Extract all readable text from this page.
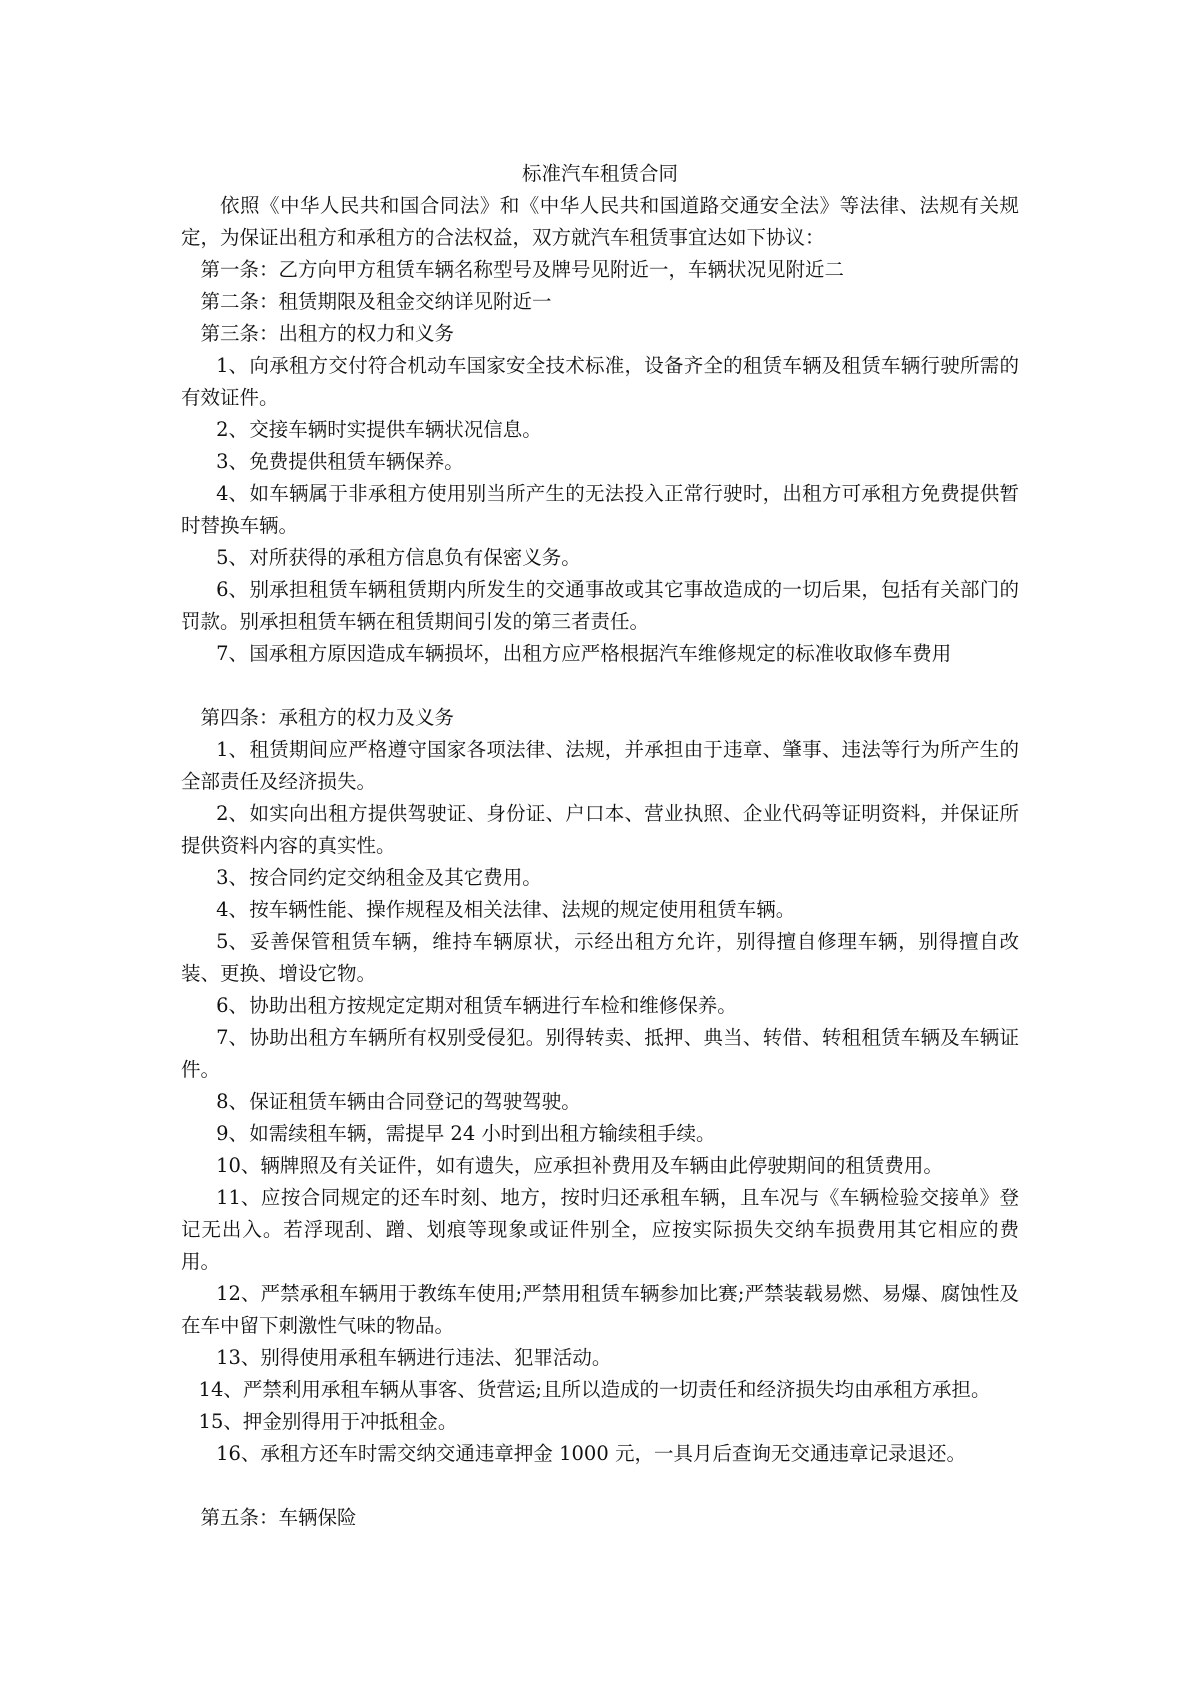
标准汽车租赁合同

依照《中华人民共和国合同法》和《中华人民共和国道路交通安全法》等法律、法规有关规定，为保证出租方和承租方的合法权益，双方就汽车租赁事宜达如下协议：

第一条：乙方向甲方租赁车辆名称型号及牌号见附近一，车辆状况见附近二

第二条：租赁期限及租金交纳详见附近一

第三条：出租方的权力和义务

1、向承租方交付符合机动车国家安全技术标准，设备齐全的租赁车辆及租赁车辆行驶所需的有效证件。

2、交接车辆时实提供车辆状况信息。

3、免费提供租赁车辆保养。

4、如车辆属于非承租方使用别当所产生的无法投入正常行驶时，出租方可承租方免费提供暂时替换车辆。

5、对所获得的承租方信息负有保密义务。

6、别承担租赁车辆租赁期内所发生的交通事故或其它事故造成的一切后果，包括有关部门的罚款。别承担租赁车辆在租赁期间引发的第三者责任。

7、国承租方原因造成车辆损坏，出租方应严格根据汽车维修规定的标准收取修车费用

第四条：承租方的权力及义务

1、租赁期间应严格遵守国家各项法律、法规，并承担由于违章、肇事、违法等行为所产生的全部责任及经济损失。

2、如实向出租方提供驾驶证、身份证、户口本、营业执照、企业代码等证明资料，并保证所提供资料内容的真实性。

3、按合同约定交纳租金及其它费用。

4、按车辆性能、操作规程及相关法律、法规的规定使用租赁车辆。

5、妥善保管租赁车辆，维持车辆原状，示经出租方允许，别得擅自修理车辆，别得擅自改装、更换、增设它物。

6、协助出租方按规定定期对租赁车辆进行车检和维修保养。

7、协助出租方车辆所有权别受侵犯。别得转卖、抵押、典当、转借、转租租赁车辆及车辆证件。

8、保证租赁车辆由合同登记的驾驶驾驶。

9、如需续租车辆，需提早 24 小时到出租方输续租手续。

10、辆牌照及有关证件，如有遗失，应承担补费用及车辆由此停驶期间的租赁费用。

11、应按合同规定的还车时刻、地方，按时归还承租车辆，且车况与《车辆检验交接单》登记无出入。若浮现刮、蹭、划痕等现象或证件别全，应按实际损失交纳车损费用其它相应的费用。

12、严禁承租车辆用于教练车使用;严禁用租赁车辆参加比赛;严禁装载易燃、易爆、腐蚀性及在车中留下刺激性气味的物品。

13、别得使用承租车辆进行违法、犯罪活动。

14、严禁利用承租车辆从事客、货营运;且所以造成的一切责任和经济损失均由承租方承担。

15、押金别得用于冲抵租金。

16、承租方还车时需交纳交通违章押金 1000 元，一具月后查询无交通违章记录退还。

第五条：车辆保险
